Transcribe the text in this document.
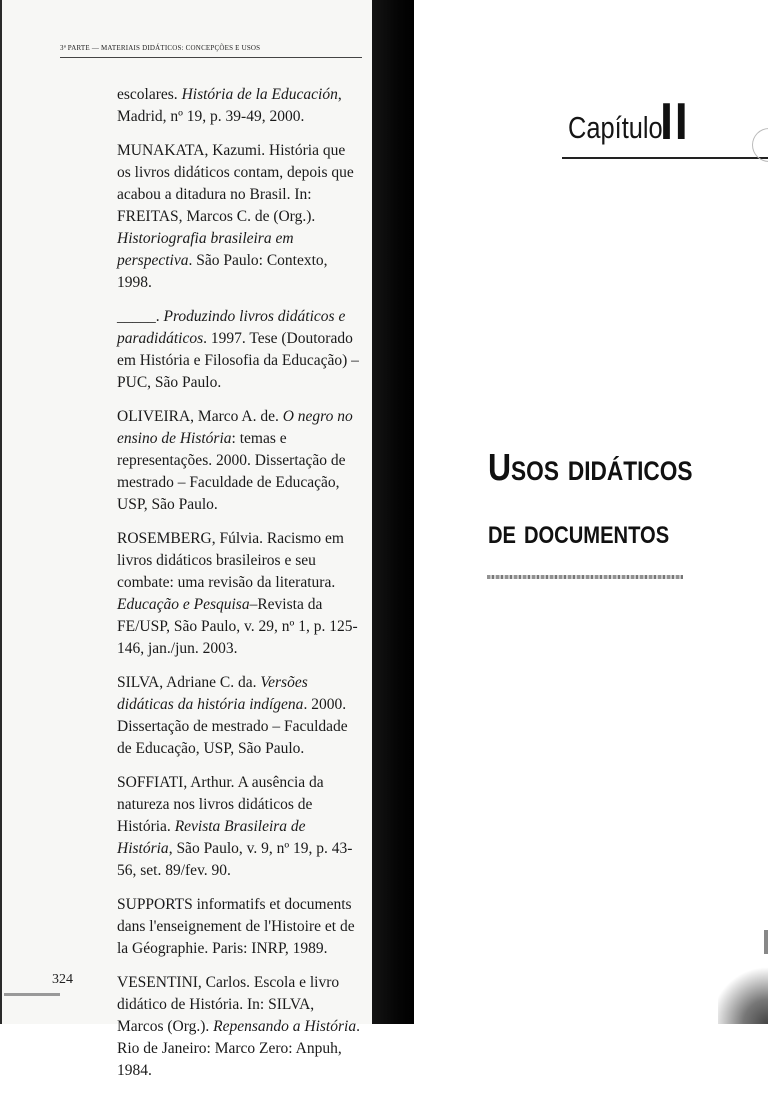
3ª PARTE — MATERIAIS DIDÁTICOS: CONCEPÇÕES E USOS

escolares. História de la Educación, Madrid, nº 19, p. 39-49, 2000.

MUNAKATA, Kazumi. História que os livros didáticos contam, depois que acabou a ditadura no Brasil. In: FREITAS, Marcos C. de (Org.). Historiografia brasileira em perspectiva. São Paulo: Contexto, 1998.

_____. Produzindo livros didáticos e paradidáticos. 1997. Tese (Doutorado em História e Filosofia da Educação) – PUC, São Paulo.

OLIVEIRA, Marco A. de. O negro no ensino de História: temas e representações. 2000. Dissertação de mestrado – Faculdade de Educação, USP, São Paulo.

ROSEMBERG, Fúlvia. Racismo em livros didáticos brasileiros e seu combate: uma revisão da literatura. Educação e Pesquisa–Revista da FE/USP, São Paulo, v. 29, nº 1, p. 125-146, jan./jun. 2003.

SILVA, Adriane C. da. Versões didáticas da história indígena. 2000. Dissertação de mestrado – Faculdade de Educação, USP, São Paulo.

SOFFIATI, Arthur. A ausência da natureza nos livros didáticos de História. Revista Brasileira de História, São Paulo, v. 9, nº 19, p. 43-56, set. 89/fev. 90.

SUPPORTS informatifs et documents dans l'enseignement de l'Histoire et de la Géographie. Paris: INRP, 1989.

VESENTINI, Carlos. Escola e livro didático de História. In: SILVA, Marcos (Org.). Repensando a História. Rio de Janeiro: Marco Zero: Anpuh, 1984.

324
Capítulo
II
Usos didáticos
de documentos
